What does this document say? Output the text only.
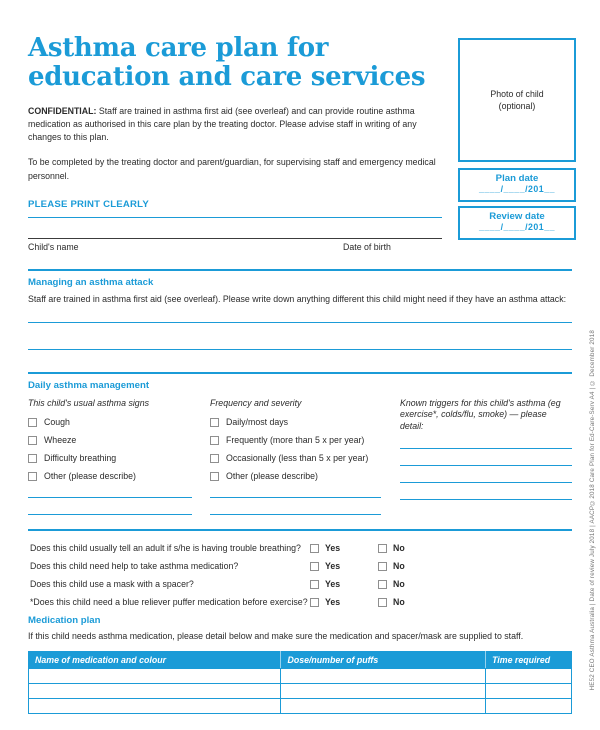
Photo of child
(optional)
Plan date
____/____/201__
Review date
____/____/201__
HE52 CEO Asthma Australia | Date of review July 2018 | AACP©2018 Care Plan for Ed-Care-Serv A4 | © December 2018
Asthma care plan for
education and care services

CONFIDENTIAL: Staff are trained in asthma first aid (see overleaf) and can provide routine asthma medication as authorised in this care plan by the treating doctor. Please advise staff in writing of any changes to this plan.

To be completed by the treating doctor and parent/guardian, for supervising staff and emergency medical personnel.

PLEASE PRINT CLEARLY
Child's name	Date of birth
Managing an asthma attack

Staff are trained in asthma first aid (see overleaf). Please write down anything different this child might need if they have an asthma attack:

Daily asthma management
This child's usual asthma signs
Cough
Wheeze
Difficulty breathing
Other (please describe)
Frequency and severity
Daily/most days
Frequently (more than 5 x per year)
Occasionally (less than 5 x per year)
Other (please describe)
Known triggers for this child's asthma (eg exercise*, colds/flu, smoke) — please detail:
Does this child usually tell an adult if s/he is having trouble breathing?	Yes	No
Does this child need help to take asthma medication?	Yes	No
Does this child use a mask with a spacer?	Yes	No
*Does this child need a blue reliever puffer medication before exercise? Yes	No
Medication plan

If this child needs asthma medication, please detail below and make sure the medication and spacer/mask are supplied to staff.

Name of medication and colour	Dose/number of puffs	Time required
